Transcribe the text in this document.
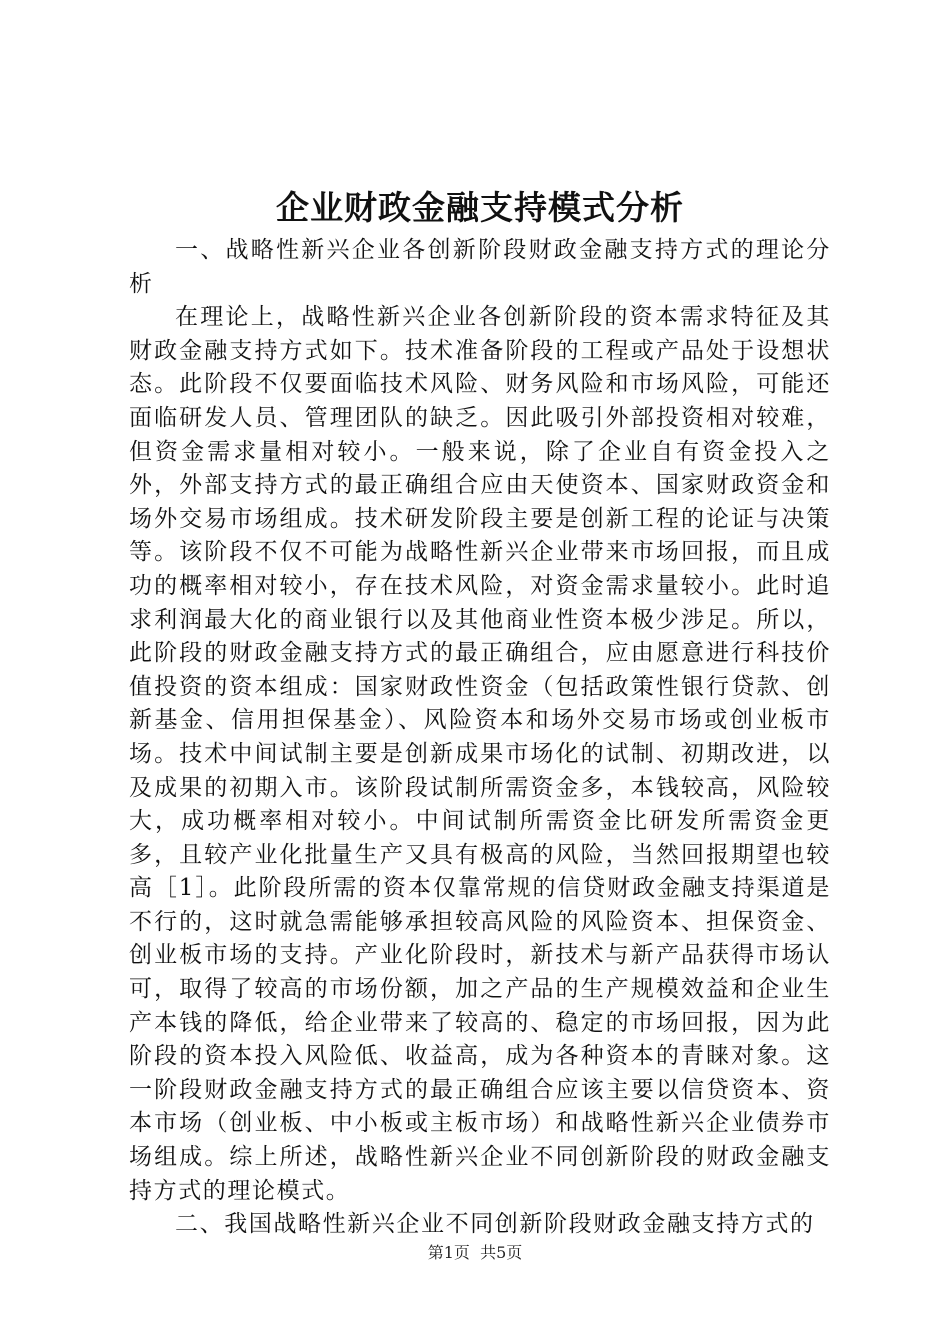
企业财政金融支持模式分析

一、战略性新兴企业各创新阶段财政金融支持方式的理论分析

在理论上，战略性新兴企业各创新阶段的资本需求特征及其财政金融支持方式如下。技术准备阶段的工程或产品处于设想状态。此阶段不仅要面临技术风险、财务风险和市场风险，可能还面临研发人员、管理团队的缺乏。因此吸引外部投资相对较难，但资金需求量相对较小。一般来说，除了企业自有资金投入之外，外部支持方式的最正确组合应由天使资本、国家财政资金和场外交易市场组成。技术研发阶段主要是创新工程的论证与决策等。该阶段不仅不可能为战略性新兴企业带来市场回报，而且成功的概率相对较小，存在技术风险，对资金需求量较小。此时追求利润最大化的商业银行以及其他商业性资本极少涉足。所以，此阶段的财政金融支持方式的最正确组合，应由愿意进行科技价值投资的资本组成：国家财政性资金（包括政策性银行贷款、创新基金、信用担保基金）、风险资本和场外交易市场或创业板市场。技术中间试制主要是创新成果市场化的试制、初期改进，以及成果的初期入市。该阶段试制所需资金多，本钱较高，风险较大，成功概率相对较小。中间试制所需资金比研发所需资金更多，且较产业化批量生产又具有极高的风险，当然回报期望也较高［1］。此阶段所需的资本仅靠常规的信贷财政金融支持渠道是不行的，这时就急需能够承担较高风险的风险资本、担保资金、创业板市场的支持。产业化阶段时，新技术与新产品获得市场认可，取得了较高的市场份额，加之产品的生产规模效益和企业生产本钱的降低，给企业带来了较高的、稳定的市场回报，因为此阶段的资本投入风险低、收益高，成为各种资本的青睐对象。这一阶段财政金融支持方式的最正确组合应该主要以信贷资本、资本市场（创业板、中小板或主板市场）和战略性新兴企业债券市场组成。综上所述，战略性新兴企业不同创新阶段的财政金融支持方式的理论模式。

二、我国战略性新兴企业不同创新阶段财政金融支持方式的

第1页 共5页
